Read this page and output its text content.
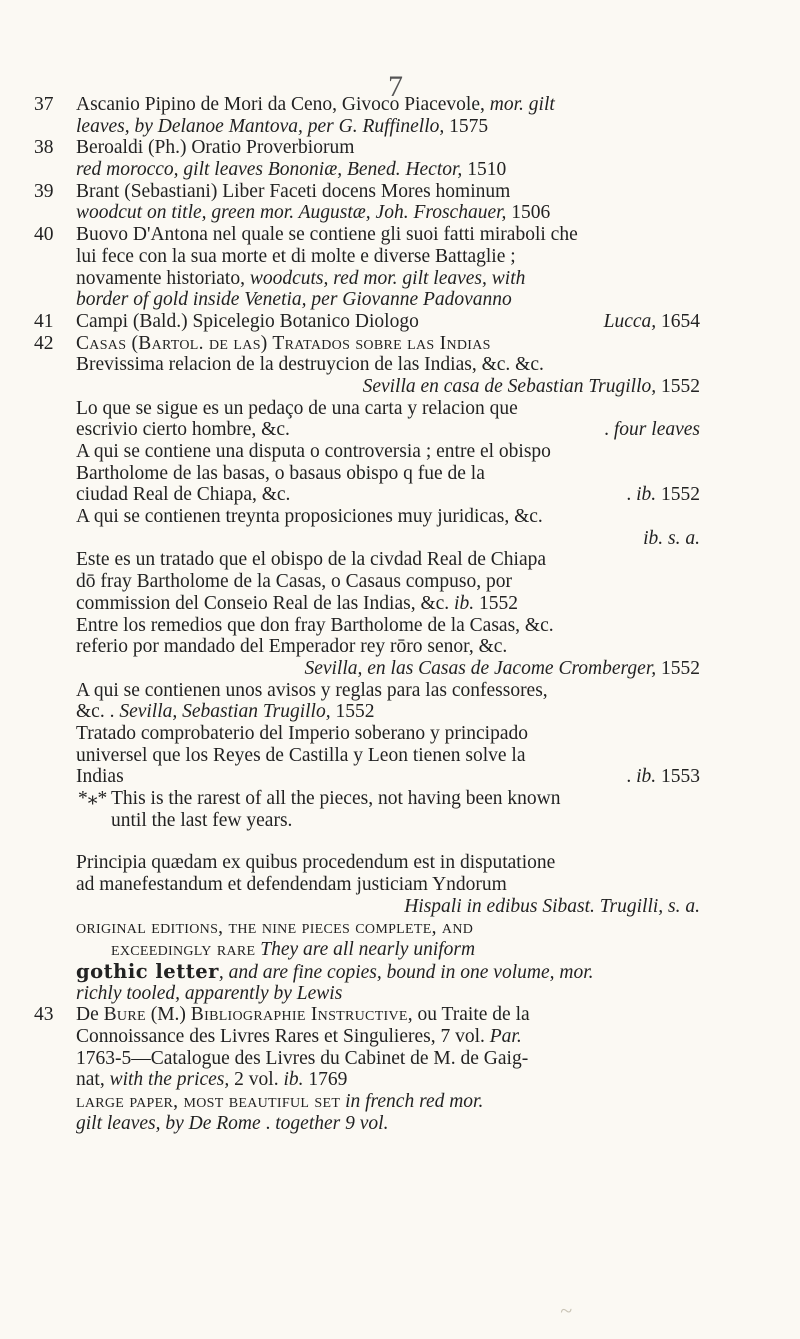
7
37 Ascanio Pipino de Mori da Ceno, Givoco Piacevole, mor. gilt
leaves, by Delanoe Mantova, per G. Ruffinello, 1575
38 Beroaldi (Ph.) Oratio Proverbiorum
red morocco, gilt leaves Bononiæ, Bened. Hector, 1510
39 Brant (Sebastiani) Liber Faceti docens Mores hominum
woodcut on title, green mor. Augustæ, Joh. Froschauer, 1506
40 Buovo D'Antona nel quale se contiene gli suoi fatti miraboli che
lui fece con la sua morte et di molte e diverse Battaglie ;
novamente historiato, woodcuts, red mor. gilt leaves, with
border of gold inside Venetia, per Giovanne Padovanno
41 Campi (Bald.) Spicelegio Botanico Diologo	Lucca, 1654
42 Casas (Bartol. de las) Tratados sobre las Indias
Brevissima relacion de la destruycion de las Indias, &c. &c.
Sevilla en casa de Sebastian Trugillo, 1552
Lo que se sigue es un pedaço de una carta y relacion que
escrivio cierto hombre, &c.	. four leaves
A qui se contiene una disputa o controversia ; entre el obispo
Bartholome de las basas, o basaus obispo q fue de la
ciudad Real de Chiapa, &c.	. ib. 1552
A qui se contienen treynta proposiciones muy juridicas, &c.
ib. s. a.
Este es un tratado que el obispo de la civdad Real de Chiapa
dō fray Bartholome de la Casas, o Casaus compuso, por
commission del Conseio Real de las Indias, &c. ib. 1552
Entre los remedios que don fray Bartholome de la Casas, &c.
referio por mandado del Emperador rey rōro senor, &c.
Sevilla, en las Casas de Jacome Cromberger, 1552
A qui se contienen unos avisos y reglas para las confessores,
&c. . Sevilla, Sebastian Trugillo, 1552
Tratado comprobaterio del Imperio soberano y principado
universel que los Reyes de Castilla y Leon tienen solve la
Indias	. ib. 1553
*⁎* This is the rarest of all the pieces, not having been known
until the last few years.
Principia quædam ex quibus procedendum est in disputatione
ad manefestandum et defendendam justiciam Yndorum
Hispali in edibus Sibast. Trugilli, s. a.
original editions, the nine pieces complete, and
exceedingly rare They are all nearly uniform
gothic letter, and are fine copies, bound in one volume, mor.
richly tooled, apparently by Lewis
43 De Bure (M.) Bibliographie Instructive, ou Traite de la
Connoissance des Livres Rares et Singulieres, 7 vol. Par.
1763-5—Catalogue des Livres du Cabinet de M. de Gaig-
nat, with the prices, 2 vol. ib. 1769
large paper, most beautiful set in french red mor.
gilt leaves, by De Rome . together 9 vol.
~
